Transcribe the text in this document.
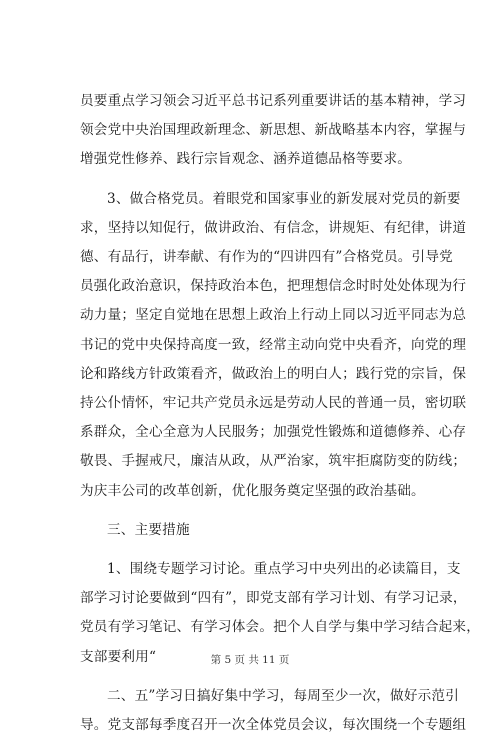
员要重点学习领会习近平总书记系列重要讲话的基本精神，学习
领会党中央治国理政新理念、新思想、新战略基本内容，掌握与
增强党性修养、践行宗旨观念、涵养道德品格等要求。
3、做合格党员。着眼党和国家事业的新发展对党员的新要
求，坚持以知促行，做讲政治、有信念，讲规矩、有纪律，讲道
德、有品行，讲奉献、有作为的“四讲四有”合格党员。引导党
员强化政治意识，保持政治本色，把理想信念时时处处体现为行
动力量；坚定自觉地在思想上政治上行动上同以习近平同志为总
书记的党中央保持高度一致，经常主动向党中央看齐，向党的理
论和路线方针政策看齐，做政治上的明白人；践行党的宗旨，保
持公仆情怀，牢记共产党员永远是劳动人民的普通一员，密切联
系群众，全心全意为人民服务；加强党性锻炼和道德修养、心存
敬畏、手握戒尺，廉洁从政，从严治家，筑牢拒腐防变的防线；
为庆丰公司的改革创新，优化服务奠定坚强的政治基础。
三、主要措施
1、围绕专题学习讨论。重点学习中央列出的必读篇目，支
部学习讨论要做到“四有”，即党支部有学习计划、有学习记录，
党员有学习笔记、有学习体会。把个人自学与集中学习结合起来，
支部要利用“
二、五”学习日搞好集中学习，每周至少一次，做好示范引
导。党支部每季度召开一次全体党员会议，每次围绕一个专题组
第 5 页 共 11 页
